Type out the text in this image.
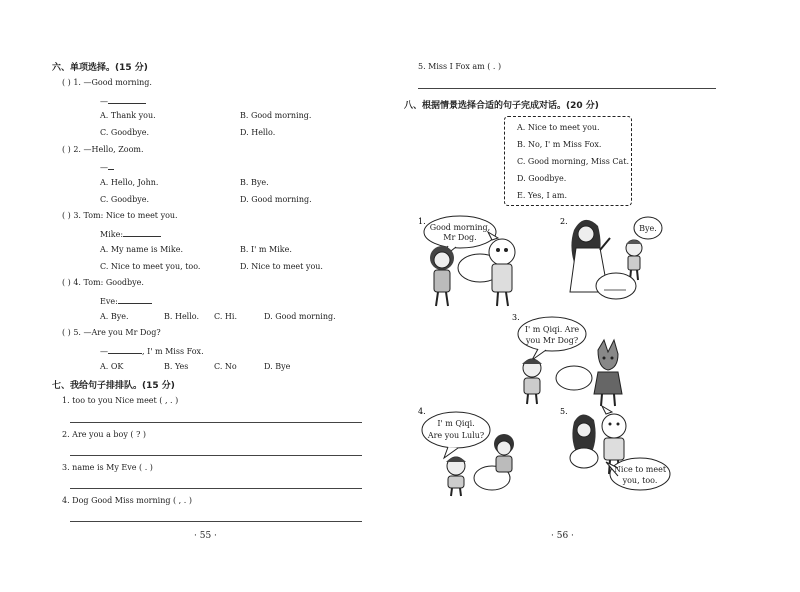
六、单项选择。(15 分)
( ) 1. —Good morning.
—
A. Thank you.	B. Good morning.
C. Goodbye.	D. Hello.
( ) 2. —Hello, Zoom.
—
A. Hello, John.	B. Bye.
C. Goodbye.	D. Good morning.
( ) 3. Tom: Nice to meet you.
Mike:
A. My name is Mike.	B. I' m Mike.
C. Nice to meet you, too.	D. Nice to meet you.
( ) 4. Tom: Goodbye.
Eve:
A. Bye.	B. Hello. C. Hi.	D. Good morning.
( ) 5. —Are you Mr Dog?
—	, I' m Miss Fox.
A. OK	B. Yes	C. No	D. Bye
七、我给句子排排队。(15 分)
1. too to you Nice meet ( , . )
2. Are you a boy ( ? )
3. name is My Eve ( . )
4. Dog Good Miss morning ( , . )
· 55 ·
5. Miss I Fox am ( . )
八、根据情景选择合适的句子完成对话。(20 分)
A. Nice to meet you.
B. No, I' m Miss Fox.
C. Good morning, Miss Cat.
D. Goodbye.
E. Yes, I am.
1.
Good morning,
Mr Dog.
2.
Bye.
3.
I' m Qiqi. Are
you Mr Dog?
4.
I' m Qiqi.
Are you Lulu?
5.
Nice to meet
you, too.
· 56 ·
